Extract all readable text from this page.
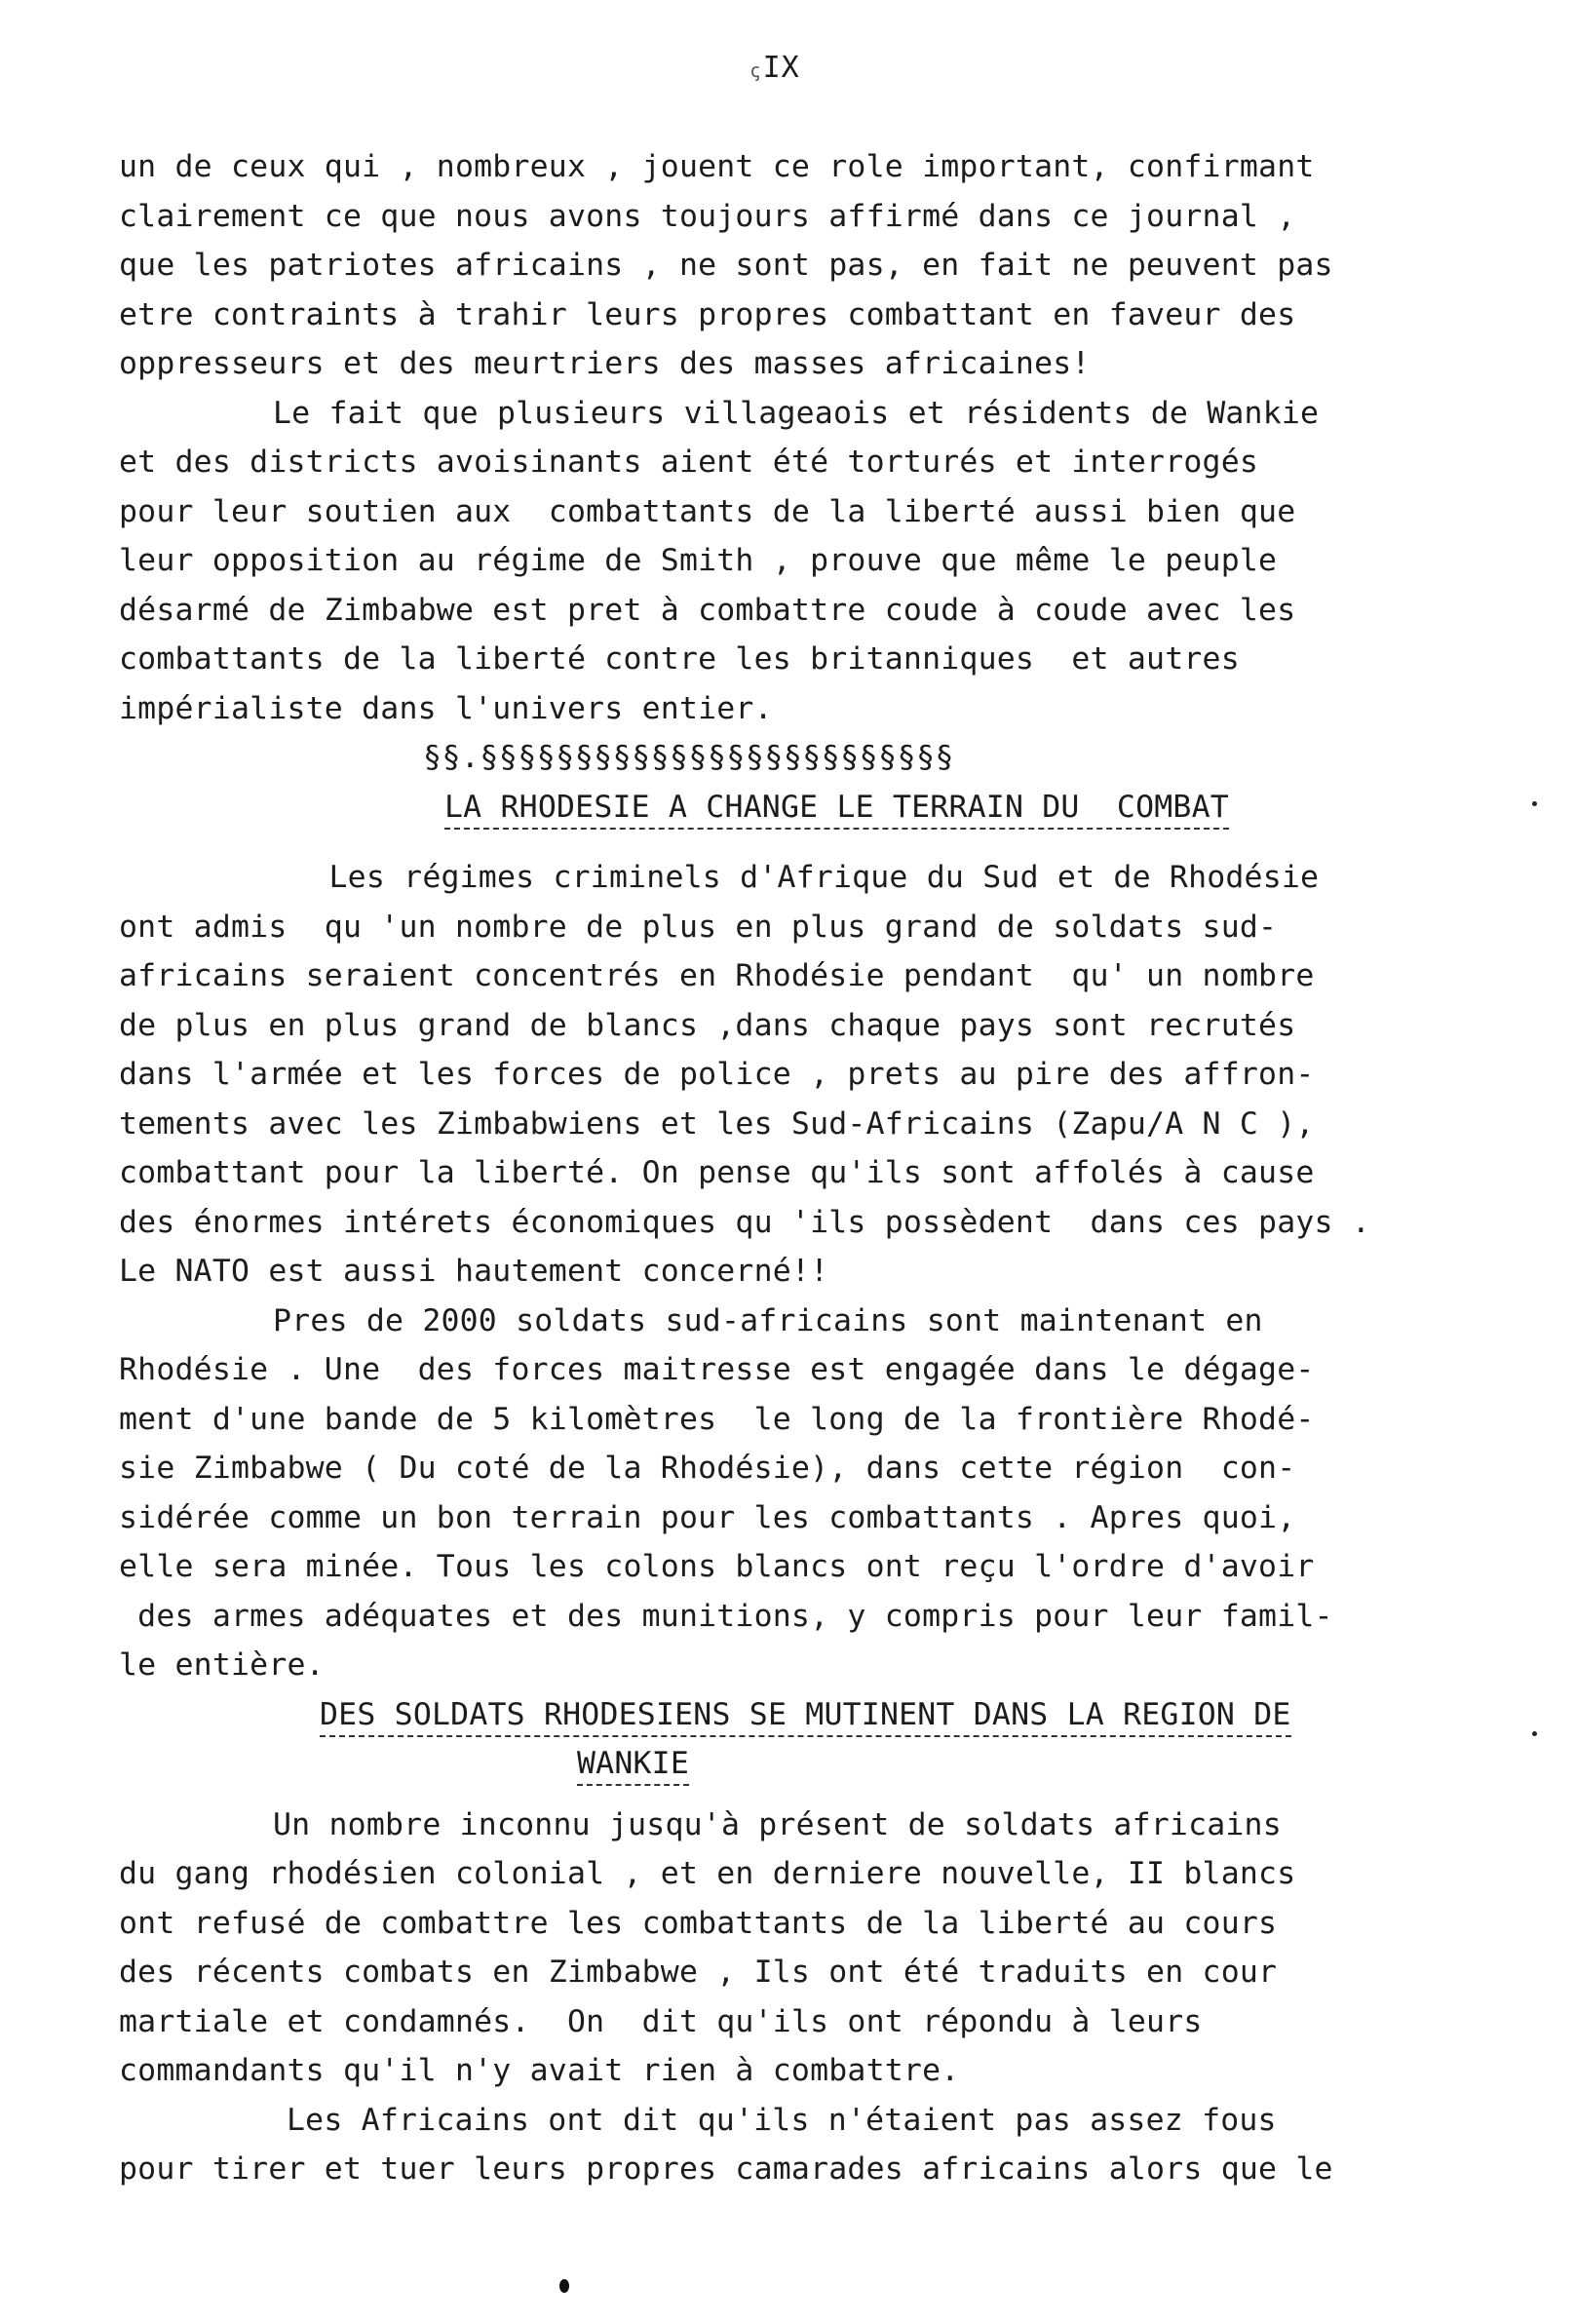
ꞔIX
un de ceux qui , nombreux , jouent ce role important, confirmant
clairement ce que nous avons toujours affirmé dans ce journal ,
que les patriotes africains , ne sont pas, en fait ne peuvent pas
etre contraints à trahir leurs propres combattant en faveur des
oppresseurs et des meurtriers des masses africaines!
Le fait que plusieurs villageaois et résidents de Wankie
et des districts avoisinants aient été torturés et interrogés
pour leur soutien aux  combattants de la liberté aussi bien que
leur opposition au régime de Smith , prouve que même le peuple
désarmé de Zimbabwe est pret à combattre coude à coude avec les
combattants de la liberté contre les britanniques  et autres
impérialiste dans l'univers entier.
§§.§§§§§§§§§§§§§§§§§§§§§§§§§
LA RHODESIE A CHANGE LE TERRAIN DU  COMBAT
Les régimes criminels d'Afrique du Sud et de Rhodésie
ont admis  qu 'un nombre de plus en plus grand de soldats sud-
africains seraient concentrés en Rhodésie pendant  qu' un nombre
de plus en plus grand de blancs ,dans chaque pays sont recrutés
dans l'armée et les forces de police , prets au pire des affron-
tements avec les Zimbabwiens et les Sud-Africains (Zapu/A N C ),
combattant pour la liberté. On pense qu'ils sont affolés à cause
des énormes intérets économiques qu 'ils possèdent  dans ces pays .
Le NATO est aussi hautement concerné!!
Pres de 2000 soldats sud-africains sont maintenant en
Rhodésie . Une  des forces maitresse est engagée dans le dégage-
ment d'une bande de 5 kilomètres  le long de la frontière Rhodé-
sie Zimbabwe ( Du coté de la Rhodésie), dans cette région  con-
sidérée comme un bon terrain pour les combattants . Apres quoi,
elle sera minée. Tous les colons blancs ont reçu l'ordre d'avoir
des armes adéquates et des munitions, y compris pour leur famil-
le entière.
DES SOLDATS RHODESIENS SE MUTINENT DANS LA REGION DE
WANKIE
Un nombre inconnu jusqu'à présent de soldats africains
du gang rhodésien colonial , et en derniere nouvelle, II blancs
ont refusé de combattre les combattants de la liberté au cours
des récents combats en Zimbabwe , Ils ont été traduits en cour
martiale et condamnés.  On  dit qu'ils ont répondu à leurs
commandants qu'il n'y avait rien à combattre.
Les Africains ont dit qu'ils n'étaient pas assez fous
pour tirer et tuer leurs propres camarades africains alors que le
